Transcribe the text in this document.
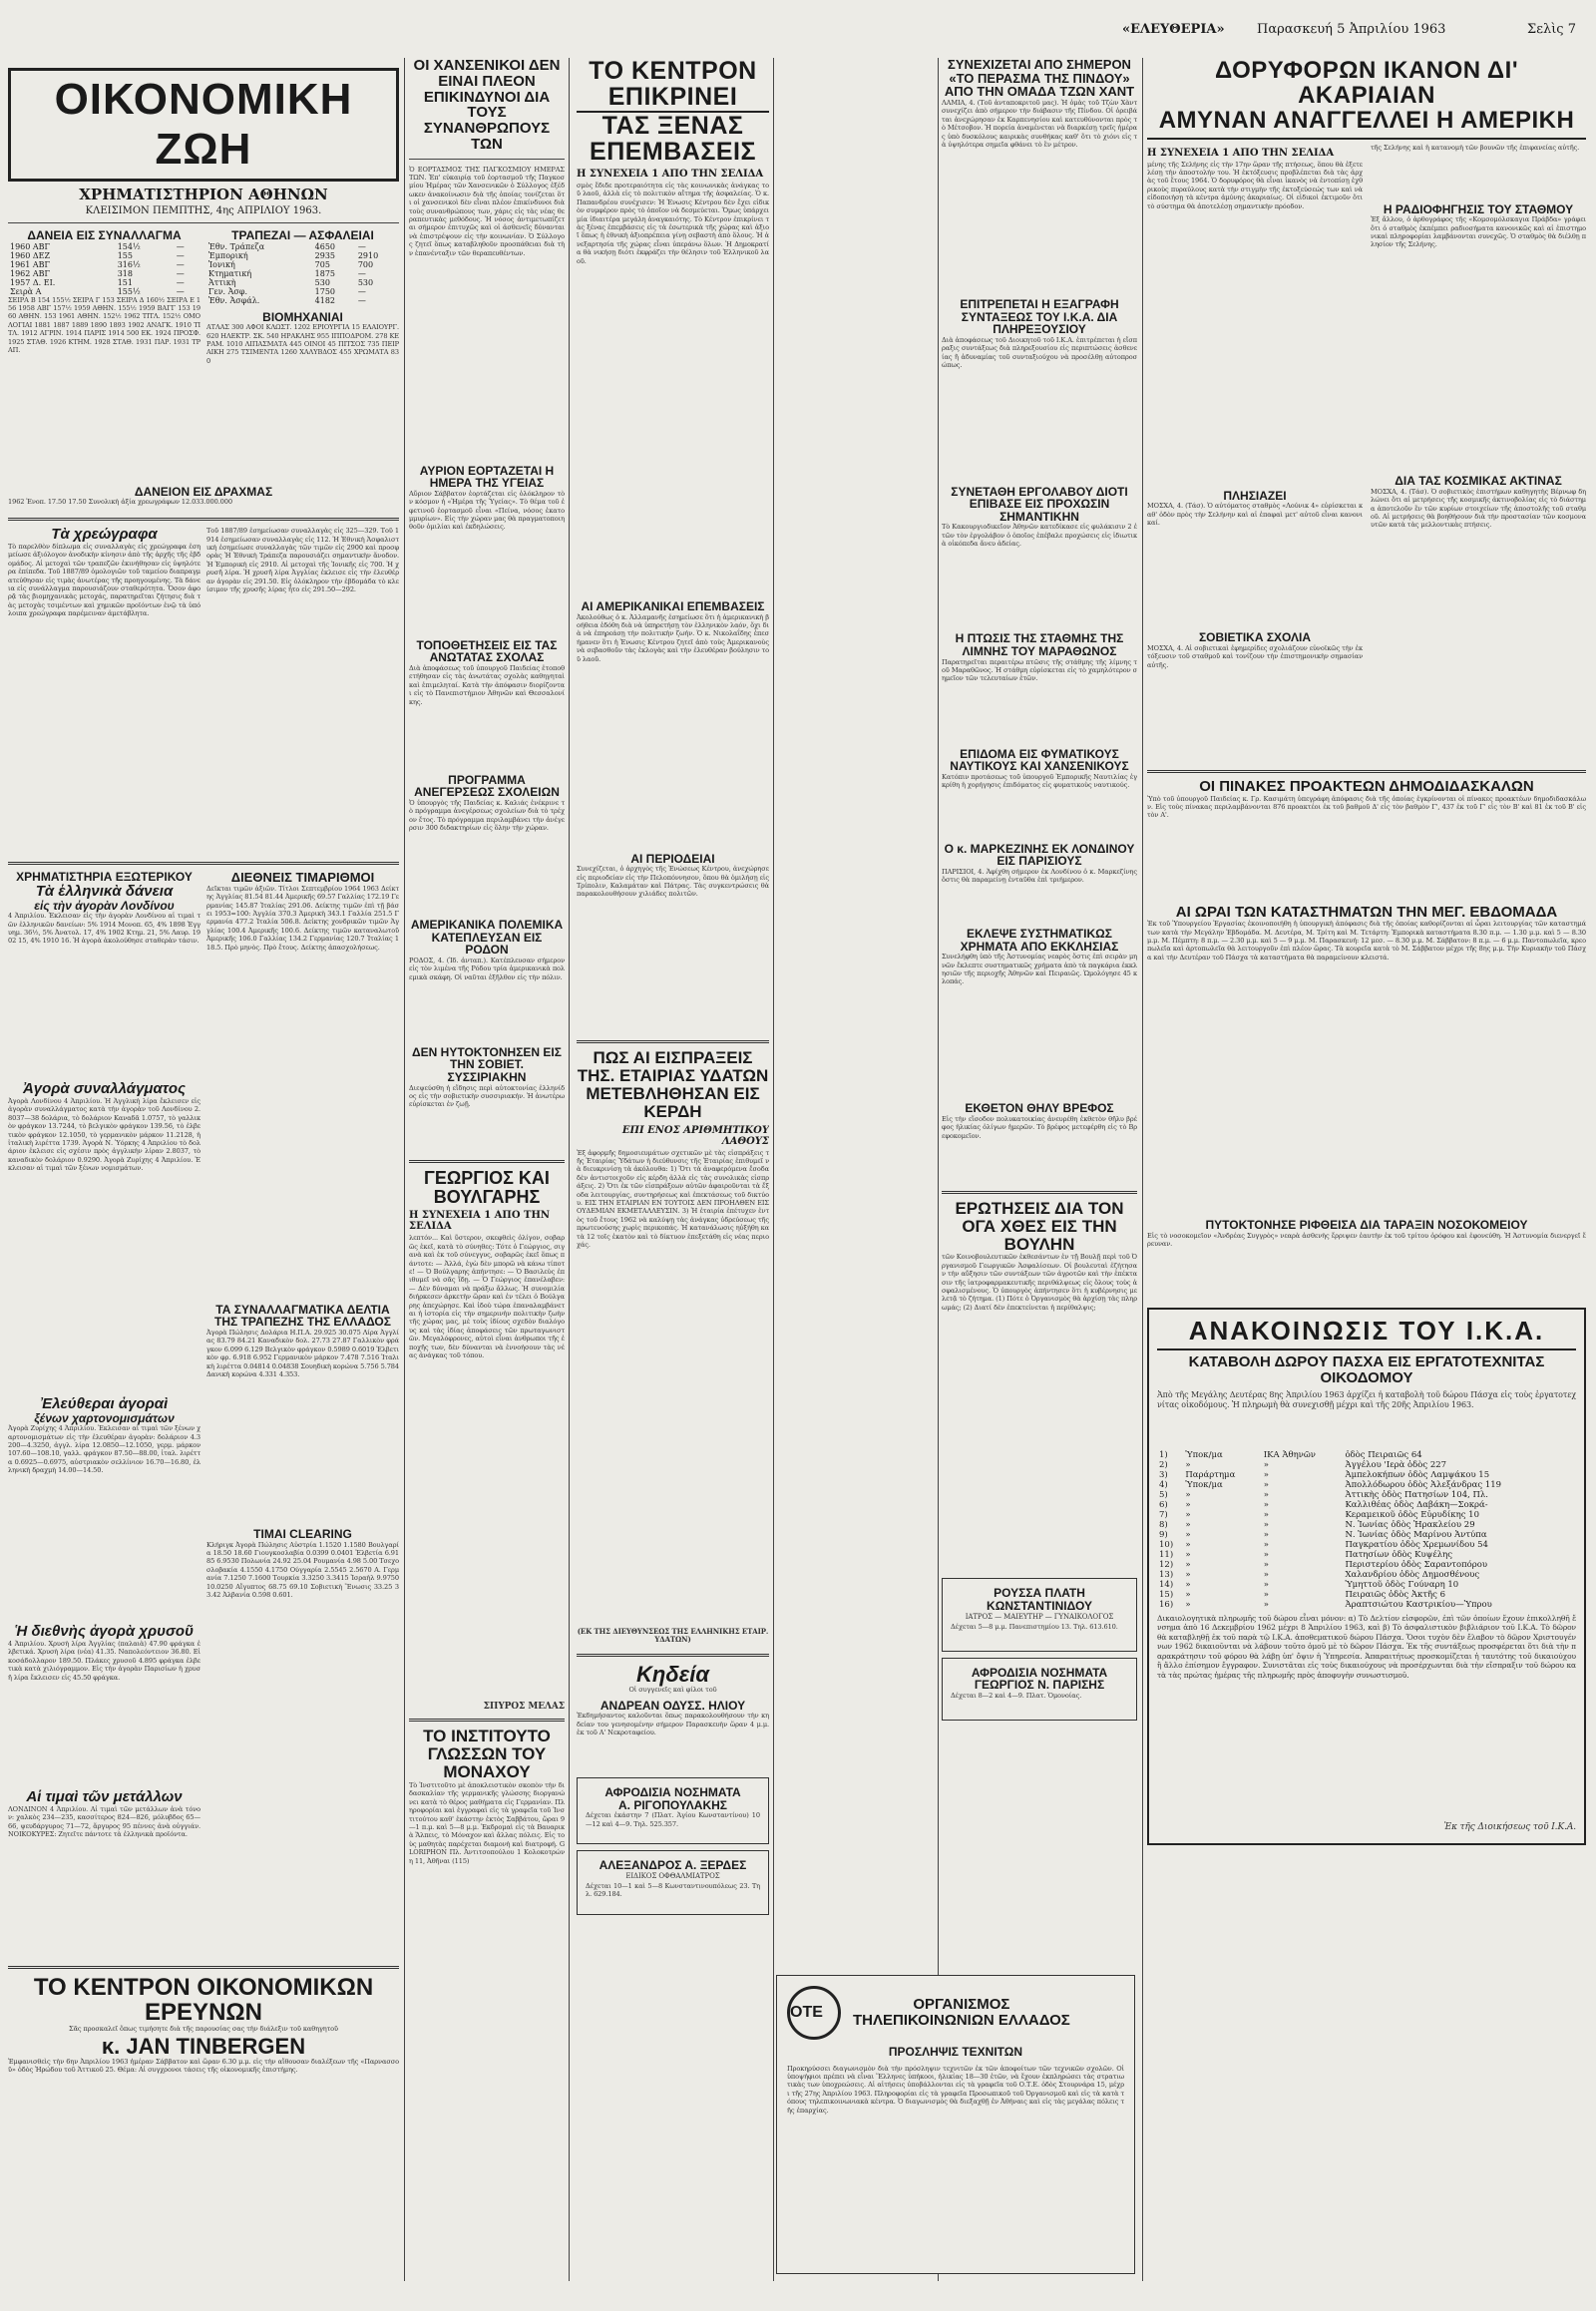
«ΕΛΕΥΘΕΡΙΑ» Παρασκευή 5 Ἀπριλίου 1963	Σελὶς 7
ΟΙΚΟΝΟΜΙΚΗ ΖΩΗ
ΧΡΗΜΑΤΙΣΤΗΡΙΟΝ ΑΘΗΝΩΝ
ΚΛΕΙΣΙΜΟΝ ΠΕΜΠΤΗΣ, 4ης ΑΠΡΙΛΙΟΥ 1963.
ΔΑΝΕΙΑ ΕΙΣ ΣΥΝΑΛΛΑΓΜΑ
1960 ΑΒΓ	154½	—
1960 ΔΕΖ	155	—
1961 ΑΒΓ	316½	—
1962 ΑΒΓ	318	—
1957 Δ. ΕΙ.	151	—
Σειρὰ Α	155½	—
ΣΕΙΡΑ Β 154 155½ ΣΕΙΡΑ Γ 153 ΣΕΙΡΑ Δ 160½ ΣΕΙΡΑ Ε 156 1958 ΑΒΓ 157½ 1959 ΑΘΗΝ. 155½ 1959 ΒΑΓΓ 153 1960 ΑΘΗΝ. 153 1961 ΑΘΗΝ. 152½ 1962 ΤΙΤΛ. 152½ ΟΜΟΛΟΓΙΑΙ 1881 1887 1889 1890 1893 1902 ΑΝΑΓΚ. 1910 ΤΙΤΛ. 1912 ΑΓΡΙΝ. 1914 ΠΑΡΙΣ 1914 500 ΕΚ. 1924 ΠΡΟΣΦ. 1925 ΣΤΑΘ. 1926 ΚΤΗΜ. 1928 ΣΤΑΘ. 1931 ΠΑΡ. 1931 ΤΡΑΠ.
ΤΡΑΠΕΖΑΙ — ΑΣΦΑΛΕΙΑΙ
Ἐθν. Τράπεζα	4650	—
Ἑμπορική	2935	2910
Ἰονική	705	700
Κτηματική	1875	—
Ἀττικὴ	530	530
Γεν. Ἀσφ.	1750	—
Ἑθν. Ἀσφάλ.	4182	—
ΒΙΟΜΗΧΑΝΙΑΙ
ΑΤΛΑΣ 300 ΑΦΟΙ ΚΛΩΣΤ. 1202 ΕΡΙΟΥΡΓΙΑ 15 ΕΛΑΙΟΥΡΓ. 620 ΗΛΕΚΤΡ. ΣΚ. 540 ΗΡΑΚΛΗΣ 955 ΙΠΠΟΔΡΟΜ. 278 ΚΕΡΑΜ. 1010 ΛΙΠΑΣΜΑΤΑ 445 ΟΙΝΟΙ 45 ΠΙΤΣΟΣ 735 ΠΕΙΡΑΙΚΗ 275 ΤΣΙΜΕΝΤΑ 1260 ΧΑΛΥΒΔΟΣ 455 ΧΡΩΜΑΤΑ 830
ΔΑΝΕΙΟΝ ΕΙΣ ΔΡΑΧΜΑΣ
1962 Ἑνοπ. 17.50 17.50 Συνολικὴ ἀξία χρεωγράφων 12.033.000.000
Τὰ χρεώγραφα
Τὸ παρελθὸν δίπλωμα εἰς συναλλαγὰς εἰς χρεώγραφα ἐσημείωσε ἀξιόλογον ἀνοδικὴν κίνησιν ἀπὸ τῆς ἀρχῆς τῆς ἐβδομάδος. Αἱ μετοχαὶ τῶν τραπεζῶν ἐκινήθησαν εἰς ὑψηλότερα ἐπίπεδα. Τοῦ 1887/89 ὁμολογιῶν τοῦ ταμείου διαπραγματεύθησαν εἰς τιμὰς ἀνωτέρας τῆς προηγουμένης. Τὰ δάνεια εἰς συνάλλαγμα παρουσιάζουν σταθερότητα. Ὅσον ἀφορᾷ τὰς βιομηχανικὰς μετοχάς, παρατηρεῖται ζήτησις διὰ τὰς μετοχὰς τσιμέντων καὶ χημικῶν προϊόντων ἐνῷ τὰ ὑπόλοιπα χρεώγραφα παρέμειναν ἀμετάβλητα.
Τοῦ 1887/89 ἐσημείωσαν συναλλαγὰς εἰς 325—329. Τοῦ 1914 ἐσημείωσαν συναλλαγὰς εἰς 112. Ἡ Ἐθνικὴ Ἀσφαλιστικὴ ἐσημείωσε συναλλαγὰς τῶν τιμῶν εἰς 2900 καὶ προσφορὰς Ἡ Ἐθνικὴ Τράπεζα παρουσιάζει σημαντικὴν ἄνοδον. Ἡ Ἑμπορικὴ εἰς 2910. Αἱ μετοχαὶ τῆς Ἰονικῆς εἰς 700. Ἡ χρυσῆ λίρα. Ἡ χρυσῆ λίρα Ἀγγλίας ἐκλεισε εἰς τὴν ἐλευθέραν ἀγορὰν εἰς 291.50. Εἰς ὁλόκληρον τὴν ἐβδομάδα τὸ κλείσιμον τῆς χρυσῆς λίρας ἦτο εἰς 291.50—292.
ΧΡΗΜΑΤΙΣΤΗΡΙΑ ΕΞΩΤΕΡΙΚΟΥ
Τὰ ἑλληνικὰ δάνεια
εἰς τὴν ἀγορὰν Λονδίνου
4 Ἀπριλίου. Ἐκλεισαν εἰς τὴν ἀγορὰν Λονδίνου αἱ τιμαὶ τῶν ἑλληνικῶν δανείων: 5% 1914 Μονοπ. 65, 4% 1898 Ἐγγυημ. 36½, 5% Ἀνατολ. 17, 4% 1902 Κτημ. 21, 5% Λαυρ. 1902 15, 4% 1910 16. Ἡ ἀγορὰ ἀκολούθησε σταθερὰν τάσιν.
Ἀγορὰ συναλλάγματος
Ἀγορὰ Λονδίνου 4 Ἀπριλίου. Ἡ Ἀγγλικὴ λίρα ἔκλεισεν εἰς ἀγορὰν συναλλάγματος κατὰ τὴν ἀγορὰν τοῦ Λονδίνου 2.8037—38 δολάρια, τὸ δολάριον Καναδᾶ 1.0757, τὸ γαλλικὸν φράγκον 13.7244, τὸ βελγικὸν φράγκον 139.56, τὸ ἑλβετικὸν φράγκον 12.1050, τὸ γερμανικὸν μάρκον 11.2128, ἡ ἰταλικὴ λιρέττα 1739. Ἀγορὰ Ν. Ὑόρκης 4 Ἀπριλίου τὸ δολάριον ἐκλεισε εἰς σχέσιν πρὸς ἀγγλικὴν λίραν 2.8037, τὸ καναδικὸν δολάριον 0.9290. Ἀγορὰ Ζυρίχης 4 Ἀπριλίου. Ἐκλεισαν αἱ τιμαὶ τῶν ξένων νομισμάτων.
Ἐλεύθεραι ἀγοραὶ
ξένων χαρτονομισμάτων
Ἀγορὰ Ζυρίχης 4 Ἀπριλίου. Ἐκλεισαν αἱ τιμαὶ τῶν ξένων χαρτονομισμάτων εἰς τὴν ἐλευθέραν ἀγορὰν: δολάριον 4.3200—4.3250, ἀγγλ. λίρα 12.0850—12.1050, γερμ. μάρκον 107.60—108.10, γαλλ. φράγκον 87.50—88.00, ἰταλ. λιρέττα 0.6925—0.6975, αὐστριακὸν σελλίνιον 16.70—16.80, ἑλληνικὴ δραχμὴ 14.00—14.50.
Ἡ διεθνὴς ἀγορὰ χρυσοῦ
4 Ἀπριλίου. Χρυσὴ λίρα Ἀγγλίας (παλαιὰ) 47.90 φράγκα ἑλβετικά. Χρυσὴ λίρα (νέα) 41.35. Ναπολεόντειον 36.80. Εἰκοσάδολλαρον 189.50. Πλάκες χρυσοῦ 4.895 φράγκα ἑλβετικὰ κατὰ χιλιόγραμμον. Εἰς τὴν ἀγορὰν Παρισίων ἡ χρυσῆ λίρα ἔκλεισεν εἰς 45.50 φράγκα.
Αἱ τιμαὶ τῶν μετάλλων
ΛΟΝΔΙΝΟΝ 4 Ἀπριλίου. Αἱ τιμαὶ τῶν μετάλλων ἀνὰ τόνον: χαλκὸς 234—235, κασσίτερος 824—826, μόλυβδος 65—66, ψευδάργυρος 71—72, ἄργυρος 95 πέννες ἀνὰ οὐγγιάν. ΝΟΙΚΟΚΥΡΕΣ: Ζητεῖτε πάντοτε τὰ ἑλληνικὰ προϊόντα.
ΔΙΕΘΝΕΙΣ ΤΙΜΑΡΙΘΜΟΙ
Δεῖκται τιμῶν ἀξιῶν. Τίτλοι Σεπτεμβρίου 1964 1963 Δείκτης Ἀγγλίας 81.54 81.44 Ἀμερικῆς 69.57 Γαλλίας 172.19 Γερμανίας 145.87 Ἰταλίας 291.06. Δείκτης τιμῶν ἐπὶ τῇ βάσει 1953=100: Ἀγγλία 370.3 Ἀμερικὴ 343.1 Γαλλία 251.5 Γερμανία 477.2 Ἰταλία 506.8. Δείκτης χονδρικῶν τιμῶν Ἀγγλίας 100.4 Ἀμερικῆς 100.6. Δείκτης τιμῶν καταναλωτοῦ Ἀμερικῆς 106.0 Γαλλίας 134.2 Γερμανίας 120.7 Ἰταλίας 118.5. Πρὸ μηνὸς. Πρὸ ἔτους. Δείκτης ἀπασχολήσεως.
ΤΑ ΣΥΝΑΛΛΑΓΜΑΤΙΚΑ ΔΕΛΤΙΑ ΤΗΣ ΤΡΑΠΕΖΗΣ ΤΗΣ ΕΛΛΑΔΟΣ
Ἀγορὰ Πώλησις Δολάρια Η.Π.Α. 29.925 30.075 Λίρα Ἀγγλίας 83.79 84.21 Καναδικὸν δολ. 27.73 27.87 Γαλλικὸν φράγκον 6.099 6.129 Βελγικὸν φράγκον 0.5989 0.6019 Ἑλβετικὸν φρ. 6.918 6.952 Γερμανικὸν μάρκον 7.478 7.516 Ἰταλικὴ λιρέττα 0.04814 0.04838 Σουηδικὴ κορώνα 5.756 5.784 Δανικὴ κορώνα 4.331 4.353.
ΤΙΜΑΙ CLEARING
Κλήριγκ Ἀγορὰ Πώλησις Αὐστρία 1.1520 1.1580 Βουλγαρία 18.50 18.60 Γιουγκοσλαβία 0.0399 0.0401 Ἑλβετία 6.9185 6.9530 Πολωνία 24.92 25.04 Ρουμανία 4.98 5.00 Τσεχοσλοβακία 4.1550 4.1750 Ούγγαρία 2.5545 2.5670 Α. Γερμανία 7.1250 7.1600 Τουρκία 3.3250 3.3415 Ἰσραὴλ 9.9750 10.0250 Αἴγυπτος 68.75 69.10 Σοβιετικὴ Ἕνωσις 33.25 33.42 Ἀλβανία 0.598 0.601.
ΤΟ ΚΕΝΤΡΟΝ ΟΙΚΟΝΟΜΙΚΩΝ ΕΡΕΥΝΩΝ
Σᾶς προσκαλεῖ ὅπως τιμήσητε διὰ τῆς παρουσίας σας τὴν διάλεξιν τοῦ καθηγητοῦ
κ. JAN TINBERGEN
Ἐμφανισθεὶς τὴν 6ην Ἀπριλίου 1963 ἡμέραν Σάββατον καὶ ὥραν 6.30 μ.μ. εἰς τὴν αἴθουσαν διαλέξεων τῆς «Παρνασσοῦ» ὁδὸς Ἡρώδου τοῦ Ἀττικοῦ 25. Θέμα: Αἱ συγχρονοι τάσεις τῆς οἰκονομικῆς ἐπιστήμης.
ΟΙ ΧΑΝΣΕΝΙΚΟΙ ΔΕΝ ΕΙΝΑΙ ΠΛΕΟΝ ΕΠΙΚΙΝΔΥΝΟΙ ΔΙΑ ΤΟΥΣ ΣΥΝΑΝΘΡΩΠΟΥΣ ΤΩΝ
Ὁ ΕΟΡΤΑΣΜΟΣ ΤΗΣ ΠΑΓΚΟΣΜΙΟΥ ΗΜΕΡΑΣ ΤΩΝ. Ἐπ' εὐκαιρίᾳ τοῦ ἑορτασμοῦ τῆς Παγκοσμίου Ἡμέρας τῶν Χανσενικῶν ὁ Σύλλογος ἐξέδωκεν ἀνακοίνωσιν διὰ τῆς ὁποίας τονίζεται ὅτι οἱ χανσενικοὶ δὲν εἶναι πλέον ἐπικίνδυνοι διὰ τοὺς συνανθρώπους των, χάρις εἰς τὰς νέας θεραπευτικὰς μεθόδους. Ἡ νόσος ἀντιμετωπίζεται σήμερον ἐπιτυχῶς καὶ οἱ ἀσθενεῖς δύνανται νὰ ἐπιστρέψουν εἰς τὴν κοινωνίαν. Ὁ Σύλλογος ζητεῖ ὅπως καταβληθοῦν προσπάθειαι διὰ τὴν ἐπανένταξιν τῶν θεραπευθέντων.
ΑΥΡΙΟΝ ΕΟΡΤΑΖΕΤΑΙ Η ΗΜΕΡΑ ΤΗΣ ΥΓΕΙΑΣ
Αὔριον Σάββατον ἑορτάζεται εἰς ὁλόκληρον τὸν κόσμον ἡ «Ἡμέρα τῆς Ὑγείας». Τὸ θέμα τοῦ ἐφετινοῦ ἑορτασμοῦ εἶναι «Πείνα, νόσος ἑκατομμυρίων». Εἰς τὴν χώραν μας θὰ πραγματοποιηθοῦν ὁμιλίαι καὶ ἐκδηλώσεις.
ΤΟΠΟΘΕΤΗΣΕΙΣ ΕΙΣ ΤΑΣ ΑΝΩΤΑΤΑΣ ΣΧΟΛΑΣ
Διὰ ἀποφάσεως τοῦ ὑπουργοῦ Παιδείας ἐτοποθετήθησαν εἰς τὰς ἀνωτάτας σχολὰς καθηγηταὶ καὶ ἐπιμεληταί. Κατὰ τὴν ἀπόφασιν διορίζονται εἰς τὸ Πανεπιστήμιον Ἀθηνῶν καὶ Θεσσαλονίκης.
ΠΡΟΓΡΑΜΜΑ ΑΝΕΓΕΡΣΕΩΣ ΣΧΟΛΕΙΩΝ
Ὁ ὑπουργὸς τῆς Παιδείας κ. Καλιάς ἐνέκρινε τὸ πρόγραμμα ἀνεγέρσεως σχολείων διὰ τὸ τρέχον ἔτος. Τὸ πρόγραμμα περιλαμβάνει τὴν ἀνέγερσιν 300 διδακτηρίων εἰς ὅλην τὴν χώραν.
ΑΜΕΡΙΚΑΝΙΚΑ ΠΟΛΕΜΙΚΑ ΚΑΤΕΠΛΕΥΣΑΝ ΕΙΣ ΡΟΔΟΝ
ΡΟΔΟΣ, 4. (Ἰδ. ἀνταπ.). Κατέπλευσαν σήμερον εἰς τὸν λιμένα τῆς Ρόδου τρία ἀμερικανικὰ πολεμικὰ σκάφη. Οἱ ναῦται ἐξῆλθον εἰς τὴν πόλιν.
ΔΕΝ ΗΥΤΟΚΤΟΝΗΣΕΝ ΕΙΣ ΤΗΝ ΣΟΒΙΕΤ. ΣΥΣΣΙΡΙΑΚΗΝ
Διεψεύσθη ἡ εἴδησις περὶ αὐτοκτονίας ἑλληνίδος εἰς τὴν σοβιετικὴν συσσιριακήν. Ἡ ἀνωτέρω εὑρίσκεται ἐν ζωῇ.
ΓΕΩΡΓΙΟΣ ΚΑΙ ΒΟΥΛΓΑΡΗΣ
Η ΣΥΝΕΧΕΙΑ 1 ΑΠΟ ΤΗΝ ΣΕΛΙΔΑ
λεπτόν... Καὶ ὕστερον, σκεφθεὶς ὀλίγον, σοβαρῶς ἐκεῖ, κατὰ τὸ σύνηθες: Τότε ὁ Γεώργιος, σιγανὰ καὶ ἐκ τοῦ σύνεγγυς, σοβαρῶς ἐκεῖ ὅπως πάντοτε: — Ἀλλά, ἐγὼ δὲν μπορῶ νὰ κάνω τίποτε! — Ὁ Βούλγαρης ἀπήντησε: — Ὁ Βασιλεὺς ἐπιθυμεῖ νὰ σᾶς ἴδῃ. — Ὁ Γεώργιος ἐπανέλαβεν: — Δὲν δύναμαι νὰ πράξω ἄλλως. Ἡ συνομιλία διήρκεσεν ἀρκετὴν ὥραν καὶ ἐν τέλει ὁ Βούλγαρης ἀπεχώρησε. Καὶ ἰδοὺ τώρα ἐπαναλαμβάνεται ἡ ἱστορία εἰς τὴν σημερινὴν πολιτικὴν ζωὴν τῆς χώρας μας, μὲ τοὺς ἰδίους σχεδὸν διαλόγους καὶ τὰς ἰδίας ἀποφάσεις τῶν πρωταγωνιστῶν. Μεγαλόφρονες, αὐτοὶ εἶναι ἀνθρωποι τῆς ἐποχῆς των, δὲν δύνανται νὰ ἐννοήσουν τὰς νέας ἀνάγκας τοῦ τόπου.
ΣΠΥΡΟΣ ΜΕΛΑΣ
ΤΟ ΙΝΣΤΙΤΟΥΤΟ ΓΛΩΣΣΩΝ ΤΟΥ ΜΟΝΑΧΟΥ
Τὸ Ἰνστιτοῦτο μὲ ἀποκλειστικὸν σκοπὸν τὴν διδασκαλίαν τῆς γερμανικῆς γλώσσης διοργανώνει κατὰ τὸ θέρος μαθήματα εἰς Γερμανίαν. Πληροφορίαι καὶ ἐγγραφαὶ εἰς τὰ γραφεῖα τοῦ Ἰνστιτούτου καθ' ἑκάστην ἐκτὸς Σαββάτου, ὥραι 9—1 π.μ. καὶ 5—8 μ.μ. Ἐκδρομαὶ εἰς τὰ Βαυαρικὰ Ἄλπεις, τὸ Μόναχον καὶ ἄλλας πόλεις. Εἰς τοὺς μαθητὰς παρέχεται διαμονὴ καὶ διατροφή. GLORIPHON Πλ. Ἀντιτσοπούλου 1 Κολοκοτρώνη 11, Ἀθῆναι (115)
ΤΟ ΚΕΝΤΡΟΝ ΕΠΙΚΡΙΝΕΙ
ΤΑΣ ΞΕΝΑΣ ΕΠΕΜΒΑΣΕΙΣ
Η ΣΥΝΕΧΕΙΑ 1 ΑΠΟ ΤΗΝ ΣΕΛΙΔΑ
σμὸς ἔδιδε προτεραιότητα εἰς τὰς κοινωνικὰς ἀνάγκας τοῦ λαοῦ, ἀλλὰ εἰς τὸ πολιτικὸν αἴτημα τῆς ἀσφαλείας. Ὁ κ. Παπανδρέου συνέχισεν: Ἡ Ἑνωσις Κέντρου δὲν ἔχει εἰδικὸν συμφέρον πρὸς τὸ ὁποῖον νὰ δεσμεύεται. Ὅμως ὑπάρχει μία ἰδιαιτέρα μεγάλη ἀναγκαιότης. Τὸ Κέντρον ἐπικρίνει τὰς ξένας ἐπεμβάσεις εἰς τὰ ἐσωτερικὰ τῆς χώρας καὶ ἀξιοῖ ὅπως ἡ ἐθνικὴ ἀξιοπρέπεια γίνῃ σεβαστὴ ἀπὸ ὅλους. Ἡ ἀνεξαρτησία τῆς χώρας εἶναι ὑπεράνω ὅλων. Ἡ Δημοκρατία θὰ νικήσῃ διότι ἐκφράζει τὴν θέλησιν τοῦ Ἑλληνικοῦ λαοῦ.
ΑΙ ΑΜΕΡΙΚΑΝΙΚΑΙ ΕΠΕΜΒΑΣΕΙΣ
Ἀκολούθως ὁ κ. Ἀλλαμανῆς ἐσημείωσε ὅτι ἡ ἀμερικανικὴ βοήθεια ἐδόθη διὰ νὰ ὑπηρετήσῃ τὸν ἑλληνικὸν λαόν, ὄχι διὰ νὰ ἐπηρεάσῃ τὴν πολιτικὴν ζωήν. Ὁ κ. Νικολαΐδης ἐπεσήμανεν ὅτι ἡ Ἑνωσις Κέντρου ζητεῖ ἀπὸ τοὺς Ἀμερικανοὺς νὰ σεβασθοῦν τὰς ἐκλογὰς καὶ τὴν ἐλευθέραν βούλησιν τοῦ λαοῦ.
ΑΙ ΠΕΡΙΟΔΕΙΑΙ
Συνεχίζεται, ὁ ἀρχηγὸς τῆς Ἑνώσεως Κέντρου, ἀνεχώρησε εἰς περιοδείαν εἰς τὴν Πελοπόννησον, ὅπου θὰ ὁμιλήσῃ εἰς Τρίπολιν, Καλαμάταν καὶ Πάτρας. Τὰς συγκεντρώσεις θὰ παρακολουθήσουν χιλιάδες πολιτῶν.
ΠΩΣ ΑΙ ΕΙΣΠΡΑΞΕΙΣ ΤΗΣ. ΕΤΑΙΡΙΑΣ ΥΔΑΤΩΝ ΜΕΤΕΒΛΗΘΗΣΑΝ ΕΙΣ ΚΕΡΔΗ
ΕΠΙ ΕΝΟΣ ΑΡΙΘΜΗΤΙΚΟΥ ΛΑΘΟΥΣ
Ἐξ ἀφορμῆς δημοσιευμάτων σχετικῶν μὲ τὰς εἰσπράξεις τῆς Ἑταιρίας Ὑδάτων ἡ διεύθυνσις τῆς Ἑταιρίας ἐπιθυμεῖ νὰ διευκρινίσῃ τὰ ἀκόλουθα: 1) Ὅτι τὰ ἀναφερόμενα ἔσοδα δὲν ἀντιστοιχοῦν εἰς κέρδη ἀλλὰ εἰς τὰς συνολικὰς εἰσπράξεις. 2) Ὅτι ἐκ τῶν εἰσπράξεων αὐτῶν ἀφαιροῦνται τὰ ἔξοδα λειτουργίας, συντηρήσεως καὶ ἐπεκτάσεως τοῦ δικτύου. ΕΙΣ ΤΗΝ ΕΤΑΙΡΙΑΝ ΕΝ ΤΟΥΤΟΙΣ ΔΕΝ ΠΡΟΗΛΘΕΝ ΕΙΣ ΟΥΔΕΜΙΑΝ ΕΚΜΕΤΑΛΛΕΥΣΙΝ. 3) Ἡ ἑταιρία ἐπέτυχεν ἐντὸς τοῦ ἔτους 1962 νὰ καλύψῃ τὰς ἀνάγκας ὑδρεύσεως τῆς πρωτευούσης χωρὶς περικοπάς. Ἡ κατανάλωσις ηὐξήθη κατὰ 12 τοῖς ἑκατὸν καὶ τὸ δίκτυον ἐπεξετάθη εἰς νέας περιοχάς.
(ΕΚ ΤΗΣ ΔΙΕΥΘΥΝΣΕΩΣ ΤΗΣ ΕΛΛΗΝΙΚΗΣ ΕΤΑΙΡ. ΥΔΑΤΩΝ)
Κηδεία
Οἱ συγγενεῖς καὶ φίλοι τοῦ
ΑΝΔΡΕΑΝ ΟΔΥΣΣ. ΗΛΙΟΥ
Ἐκδημήσαντος καλοῦνται ὅπως παρακολουθήσουν τὴν κηδείαν του γενησομένην σήμερον Παρασκευὴν ὥραν 4 μ.μ. ἐκ τοῦ Α' Νεκροταφείου.
ΑΦΡΟΔΙΣΙΑ ΝΟΣΗΜΑΤΑ
Α. ΡΙΓΟΠΟΥΛΑΚΗΣ
Δέχεται ἑκάστην 7 (Πλατ. Ἀγίου Κωνσταντίνου) 10—12 καὶ 4—9. Τηλ. 525.357.
ΑΛΕΞΑΝΔΡΟΣ Α. ΞΕΡΔΕΣ
ΕΙΔΙΚΟΣ ΟΦΘΑΛΜΙΑΤΡΟΣ
Δέχεται 10—1 καὶ 5—8 Κωνσταντινουπόλεως 23. Τηλ. 629.184.
ΣΥΝΕΧΙΖΕΤΑΙ ΑΠΟ ΣΗΜΕΡΟΝ «ΤΟ ΠΕΡΑΣΜΑ ΤΗΣ ΠΙΝΔΟΥ» ΑΠΟ ΤΗΝ ΟΜΑΔΑ ΤΖΩΝ ΧΑΝΤ
ΛΑΜΙΑ, 4. (Τοῦ ἀνταποκριτοῦ μας). Ἡ ὁμὰς τοῦ Τζὼν Χὰντ συνεχίζει ἀπὸ σήμερον τὴν διάβασιν τῆς Πίνδου. Οἱ ὀρειβάται ἀνεχώρησαν ἐκ Καρπενησίου καὶ κατευθύνονται πρὸς τὸ Μέτσοβον. Ἡ πορεία ἀναμένεται νὰ διαρκέσῃ τρεῖς ἡμέρας ὑπὸ δυσκόλους καιρικὰς συνθήκας καθ' ὅτι τὸ χιόνι εἰς τὰ ὑψηλότερα σημεῖα φθάνει τὸ ἓν μέτρον.
ΕΠΙΤΡΕΠΕΤΑΙ Η ΕΞΑΓΡΑΦΗ ΣΥΝΤΑΞΕΩΣ ΤΟΥ Ι.Κ.Α. ΔΙΑ ΠΛΗΡΕΞΟΥΣΙΟΥ
Διὰ ἀποφάσεως τοῦ Διοικητοῦ τοῦ Ι.Κ.Α. ἐπιτρέπεται ἡ εἴσπραξις συντάξεως διὰ πληρεξουσίου εἰς περιπτώσεις ἀσθενείας ἢ ἀδυναμίας τοῦ συνταξιούχου νὰ προσέλθῃ αὐτοπροσώπως.
ΣΥΝΕΤΑΘΗ ΕΡΓΟΛΑΒΟΥ ΔΙΟΤΙ ΕΠΙΒΑΣΕ ΕΙΣ ΠΡΟΧΩΣΙΝ ΣΗΜΑΝΤΙΚΗΝ
Τὸ Κακουργιοδικεῖον Ἀθηνῶν κατεδίκασε εἰς φυλάκισιν 2 ἐτῶν τὸν ἐργολάβον ὁ ὁποῖος ἐπέβαλε προχώσεις εἰς ἰδιωτικὰ οἰκόπεδα ἄνευ ἀδείας.
Η ΠΤΩΣΙΣ ΤΗΣ ΣΤΑΘΜΗΣ ΤΗΣ ΛΙΜΝΗΣ ΤΟΥ ΜΑΡΑΘΩΝΟΣ
Παρατηρεῖται περαιτέρω πτῶσις τῆς στάθμης τῆς λίμνης τοῦ Μαραθῶνος. Ἡ στάθμη εὑρίσκεται εἰς τὸ χαμηλότερον σημεῖον τῶν τελευταίων ἐτῶν.
ΕΠΙΔΟΜΑ ΕΙΣ ΦΥΜΑΤΙΚΟΥΣ ΝΑΥΤΙΚΟΥΣ ΚΑΙ ΧΑΝΣΕΝΙΚΟΥΣ
Κατόπιν προτάσεως τοῦ ὑπουργοῦ Ἐμπορικῆς Ναυτιλίας ἐγκρίθη ἡ χορήγησις ἐπιδόματος εἰς φυματικοὺς ναυτικούς.
Ο κ. ΜΑΡΚΕΖΙΝΗΣ ΕΚ ΛΟΝΔΙΝΟΥ ΕΙΣ ΠΑΡΙΣΙΟΥΣ
ΠΑΡΙΣΙΟΙ, 4. Ἀφίχθη σήμερον ἐκ Λονδίνου ὁ κ. Μαρκεζίνης ὅστις θὰ παραμείνῃ ἐνταῦθα ἐπὶ τριήμερον.
ΕΚΛΕΨΕ ΣΥΣΤΗΜΑΤΙΚΩΣ ΧΡΗΜΑΤΑ ΑΠΟ ΕΚΚΛΗΣΙΑΣ
Συνελήφθη ὑπὸ τῆς Ἀστυνομίας νεαρὸς ὅστις ἐπὶ σειρὰν μηνῶν ἔκλεπτε συστηματικῶς χρήματα ἀπὸ τὰ παγκάρια ἐκκλησιῶν τῆς περιοχῆς Ἀθηνῶν καὶ Πειραιῶς. Ὡμολόγησε 45 κλοπάς.
ΕΚΘΕΤΟΝ ΘΗΛΥ ΒΡΕΦΟΣ
Εἰς τὴν εἴσοδον πολυκατοικίας ἀνευρέθη ἐκθετὸν θῆλυ βρέφος ἡλικίας ὀλίγων ἡμερῶν. Τὸ βρέφος μετεφέρθη εἰς τὸ Βρεφοκομεῖον.
ΕΡΩΤΗΣΕΙΣ ΔΙΑ ΤΟΝ ΟΓΑ ΧΘΕΣ ΕΙΣ ΤΗΝ ΒΟΥΛΗΝ
τῶν Κοινοβουλευτικῶν ἐκθεσάντων ἐν τῇ Βουλῇ περὶ τοῦ Ὀργανισμοῦ Γεωργικῶν Ἀσφαλίσεων. Οἱ βουλευταὶ ἐζήτησαν τὴν αὔξησιν τῶν συντάξεων τῶν ἀγροτῶν καὶ τὴν ἐπέκτασιν τῆς ἰατροφαρμακευτικῆς περιθάλψεως εἰς ὅλους τοὺς ἀσφαλισμένους. Ὁ ὑπουργὸς ἀπήντησεν ὅτι ἡ κυβέρνησις μελετᾷ τὸ ζήτημα. (1) Πότε ὁ Ὀργανισμὸς θὰ ἀρχίσῃ τὰς πληρωμάς; (2) Διατί δὲν ἐπεκτείνεται ἡ περίθαλψις;
ΡΟΥΣΣΑ ΠΛΑΤΗ ΚΩΝΣΤΑΝΤΙΝΙΔΟΥ
ΙΑΤΡΟΣ — ΜΑΙΕΥΤΗΡ — ΓΥΝΑΙΚΟΛΟΓΟΣ
Δέχεται 5—8 μ.μ. Πανεπιστημίου 13. Τηλ. 613.610.
ΑΦΡΟΔΙΣΙΑ ΝΟΣΗΜΑΤΑ
ΓΕΩΡΓΙΟΣ Ν. ΠΑΡΙΣΗΣ
Δέχεται 8—2 καὶ 4—9. Πλατ. Ὁμονοίας.
ΟΤΕ	ΟΡΓΑΝΙΣΜΟΣ
ΤΗΛΕΠΙΚΟΙΝΩΝΙΩΝ ΕΛΛΑΔΟΣ
ΠΡΟΣΛΗΨΙΣ ΤΕΧΝΙΤΩΝ
Προκηρύσσει διαγωνισμὸν διὰ τὴν πρόσληψιν τεχνιτῶν ἐκ τῶν ἀποφοίτων τῶν τεχνικῶν σχολῶν. Οἱ ὑποψήφιοι πρέπει νὰ εἶναι Ἕλληνες ὑπήκοοι, ἡλικίας 18—30 ἐτῶν, νὰ ἔχουν ἐκπληρώσει τὰς στρατιωτικὰς των ὑποχρεώσεις. Αἱ αἰτήσεις ὑποβάλλονται εἰς τὰ γραφεῖα τοῦ Ο.Τ.Ε. ὁδὸς Στουρνάρα 15, μέχρι τῆς 27ης Ἀπριλίου 1963. Πληροφορίαι εἰς τὰ γραφεῖα Προσωπικοῦ τοῦ Ὀργανισμοῦ καὶ εἰς τὰ κατὰ τόπους τηλεπικοινωνιακὰ κέντρα. Ὁ διαγωνισμὸς θὰ διεξαχθῇ ἐν Ἀθήναις καὶ εἰς τὰς μεγάλας πόλεις τῆς ἐπαρχίας.
ΔΟΡΥΦΟΡΩΝ ΙΚΑΝΟΝ ΔΙ' ΑΚΑΡΙΑΙΑΝ
ΑΜΥΝΑΝ ΑΝΑΓΓΕΛΛΕΙ Η ΑΜΕΡΙΚΗ
Η ΣΥΝΕΧΕΙΑ 1 ΑΠΟ ΤΗΝ ΣΕΛΙΔΑ
μένης τῆς Σελήνης εἰς τὴν 17ην ὥραν τῆς πτήσεως, ὅπου θὰ ἐξετελέσῃ τὴν ἀποστολήν του. Ἡ ἐκτόξευσις προβλέπεται διὰ τὰς ἀρχὰς τοῦ ἔτους 1964. Ὁ δορυφόρος θὰ εἶναι ἱκανὸς νὰ ἐντοπίσῃ ἐχθρικοὺς πυραύλους κατὰ τὴν στιγμὴν τῆς ἐκτοξεύσεώς των καὶ νὰ εἰδοποιήσῃ τὰ κέντρα ἀμύνης ἀκαριαίως. Οἱ εἰδικοὶ ἐκτιμοῦν ὅτι τὸ σύστημα θὰ ἀποτελέσῃ σημαντικὴν πρόοδον.
ΠΛΗΣΙΑΖΕΙ
ΜΟΣΧΑ, 4. (Τάσ). Ὁ αὐτόματος σταθμὸς «Λούνικ 4» εὑρίσκεται καθ' ὁδὸν πρὸς τὴν Σελήνην καὶ αἱ ἐπαφαὶ μετ' αὐτοῦ εἶναι κανονικαί.
ΣΟΒΙΕΤΙΚΑ ΣΧΟΛΙΑ
ΜΟΣΧΑ, 4. Αἱ σοβιετικαὶ ἐφημερίδες σχολιάζουν εὐνοϊκῶς τὴν ἐκτόξευσιν τοῦ σταθμοῦ καὶ τονίζουν τὴν ἐπιστημονικὴν σημασίαν αὐτῆς.
τῆς Σελήνης καὶ ἡ κατανομὴ τῶν βουνῶν τῆς ἐπιφανείας αὐτῆς.
Η ΡΑΔΙΟΦΗΓΗΣΙΣ ΤΟΥ ΣΤΑΘΜΟΥ
Ἐξ ἄλλου, ὁ ἀρθογράφος τῆς «Κομσομόλσκαγια Πράβδα» γράφει ὅτι ὁ σταθμὸς ἐκπέμπει ραδιοσήματα κανονικῶς καὶ αἱ ἐπιστημονικαὶ πληροφορίαι λαμβάνονται συνεχῶς. Ὁ σταθμὸς θὰ διέλθῃ πλησίον τῆς Σελήνης.
ΔΙΑ ΤΑΣ ΚΟΣΜΙΚΑΣ ΑΚΤΙΝΑΣ
ΜΟΣΧΑ, 4. (Τάσ). Ὁ σοβιετικὸς ἐπιστήμων καθηγητὴς Βέρνωφ δηλώνει ὅτι αἱ μετρήσεις τῆς κοσμικῆς ἀκτινοβολίας εἰς τὸ διάστημα ἀποτελοῦν ἓν τῶν κυρίων στοιχείων τῆς ἀποστολῆς τοῦ σταθμοῦ. Αἱ μετρήσεις θὰ βοηθήσουν διὰ τὴν προστασίαν τῶν κοσμοναυτῶν κατὰ τὰς μελλοντικὰς πτήσεις.
ΟΙ ΠΙΝΑΚΕΣ ΠΡΟΑΚΤΕΩΝ ΔΗΜΟΔΙΔΑΣΚΑΛΩΝ
Ὑπὸ τοῦ ὑπουργοῦ Παιδείας κ. Γρ. Κασιμάτη ὑπεγράφη ἀπόφασις διὰ τῆς ὁποίας ἐγκρίνονται οἱ πίνακες προακτέων δημοδιδασκάλων. Εἰς τοὺς πίνακας περιλαμβάνονται 876 προακτέοι ἐκ τοῦ βαθμοῦ Δ' εἰς τὸν βαθμὸν Γ', 437 ἐκ τοῦ Γ' εἰς τὸν Β' καὶ 81 ἐκ τοῦ Β' εἰς τὸν Α'.
ΑΙ ΩΡΑΙ ΤΩΝ ΚΑΤΑΣΤΗΜΑΤΩΝ ΤΗΝ ΜΕΓ. ΕΒΔΟΜΑΔΑ
Ἐκ τοῦ Ὑπουργείου Ἐργασίας ἐκοινοποιήθη ἡ ὑπουργικὴ ἀπόφασις διὰ τῆς ὁποίας καθορίζονται αἱ ὧραι λειτουργίας τῶν καταστημάτων κατὰ τὴν Μεγάλην Ἑβδομάδα. Μ. Δευτέρα, Μ. Τρίτη καὶ Μ. Τετάρτη: Ἐμπορικὰ καταστήματα 8.30 π.μ. — 1.30 μ.μ. καὶ 5 — 8.30 μ.μ. Μ. Πέμπτη: 8 π.μ. — 2.30 μ.μ. καὶ 5 — 9 μ.μ. Μ. Παρασκευή: 12 μεσ. — 8.30 μ.μ. Μ. Σάββατον: 8 π.μ. — 6 μ.μ. Παντοπωλεῖα, κρεοπωλεῖα καὶ ἀρτοπωλεῖα θὰ λειτουργοῦν ἐπὶ πλέον ὥρας. Τὰ κουρεῖα κατὰ τὸ Μ. Σάββατον μέχρι τῆς 8ης μ.μ. Τὴν Κυριακὴν τοῦ Πάσχα καὶ τὴν Δευτέραν τοῦ Πάσχα τὰ καταστήματα θὰ παραμείνουν κλειστά.
ΠΥΤΟΚΤΟΝΗΣΕ ΡΙΦΘΕΙΣΑ ΔΙΑ ΤΑΡΑΞΙΝ ΝΟΣΟΚΟΜΕΙΟΥ
Εἰς τὸ νοσοκομεῖον «Ἀνδρέας Συγγρὸς» νεαρὰ ἀσθενὴς ἔρριψεν ἑαυτὴν ἐκ τοῦ τρίτου ὀρόφου καὶ ἐφονεύθη. Ἡ Ἀστυνομία διενεργεῖ ἔρευναν.
ΑΝΑΚΟΙΝΩΣΙΣ ΤΟΥ Ι.Κ.Α.
ΚΑΤΑΒΟΛΗ ΔΩΡΟΥ ΠΑΣΧΑ ΕΙΣ ΕΡΓΑΤΟΤΕΧΝΙΤΑΣ ΟΙΚΟΔΟΜΟΥ
Ἀπὸ τῆς Μεγάλης Δευτέρας 8ης Ἀπριλίου 1963 ἀρχίζει ἡ καταβολὴ τοῦ δώρου Πάσχα εἰς τοὺς ἐργατοτεχνίτας οἰκοδόμους. Ἡ πληρωμὴ θὰ συνεχισθῇ μέχρι καὶ τῆς 20ῆς Ἀπριλίου 1963.
1)	Ὑποκ/μα	ΙΚΑ Ἀθηνῶν	ὁδὸς Πειραιῶς 64
2)	»	»	Ἀγγέλου 'Ιερὰ ὁδὸς 227
3)	Παράρτημα	»	Ἀμπελοκήπων ὁδὸς Λαμψάκου 15
4)	Ὑποκ/μα	»	Ἀπολλόδωρου ὁδὸς Ἀλεξάνδρας 119
5)	»	»	Ἀττικὴς ὁδὸς Πατησίων 104, Πλ.
6)	»	»	Καλλιθέας ὁδὸς Δαβάκη—Σοκρά-
7)	»	»	Κεραμεικοῦ ὁδὸς Εὐρυδίκης 10
8)	»	»	Ν. Ἰωνίας ὁδὸς Ἠρακλείου 29
9)	»	»	Ν. Ἰωνίας ὁδὸς Μαρίνου Ἀντύπα
10)	»	»	Παγκρατίου ὁδὸς Χρεμωνίδου 54
11)	»	»	Πατησίων ὁδὸς Κυψέλης
12)	»	»	Περιστερίου ὁδὸς Σαραντοπόρου
13)	»	»	Χαλανδρίου ὁδὸς Δημοσθένους
14)	»	»	Ὑμηττοῦ ὁδὸς Γούναρη 10
15)	»	»	Πειραιῶς ὁδὸς Ἀκτῆς 6
16)	»	»	Ἀραπτσιώτου Καστρικίου—Ὑπρου
Δικαιολογητικὰ πληρωμῆς τοῦ δώρου εἶναι μόνον: α) Τὸ Δελτίον εἰσφορῶν, ἐπὶ τῶν ὁποίων ἔχουν ἐπικολληθῆ ἔνσημα ἀπὸ 16 Δεκεμβρίου 1962 μέχρι 8 Ἀπριλίου 1963, καὶ β) Τὸ ἀσφαλιστικὸν βιβλιάριον τοῦ Ι.Κ.Α. Τὸ δῶρον θὰ καταβληθῇ ἐκ τοῦ παρὰ τῷ Ι.Κ.Α. ἀποθεματικοῦ δώρου Πάσχα. Ὅσοι τυχὸν δὲν ἔλαβον τὸ δῶρον Χριστουγέννων 1962 δικαιοῦνται νὰ λάβουν τοῦτο ὁμοῦ μὲ τὸ δῶρον Πάσχα. Ἐκ τῆς συντάξεως προσφέρεται ὅτι διὰ τὴν παρακράτησιν τοῦ φόρου θὰ λάβῃ ὑπ' ὄψιν ἡ Ὑπηρεσία. Ἀπαραιτήτως προσκομίζεται ἡ ταυτότης τοῦ δικαιούχου ἢ ἄλλο ἐπίσημον ἔγγραφον. Συνιστᾶται εἰς τοὺς δικαιούχους νὰ προσέρχωνται διὰ τὴν εἴσπραξιν τοῦ δώρου κατὰ τὰς πρώτας ἡμέρας τῆς πληρωμῆς πρὸς ἀποφυγὴν συνωστισμοῦ.
Ἐκ τῆς Διοικήσεως τοῦ Ι.Κ.Α.
